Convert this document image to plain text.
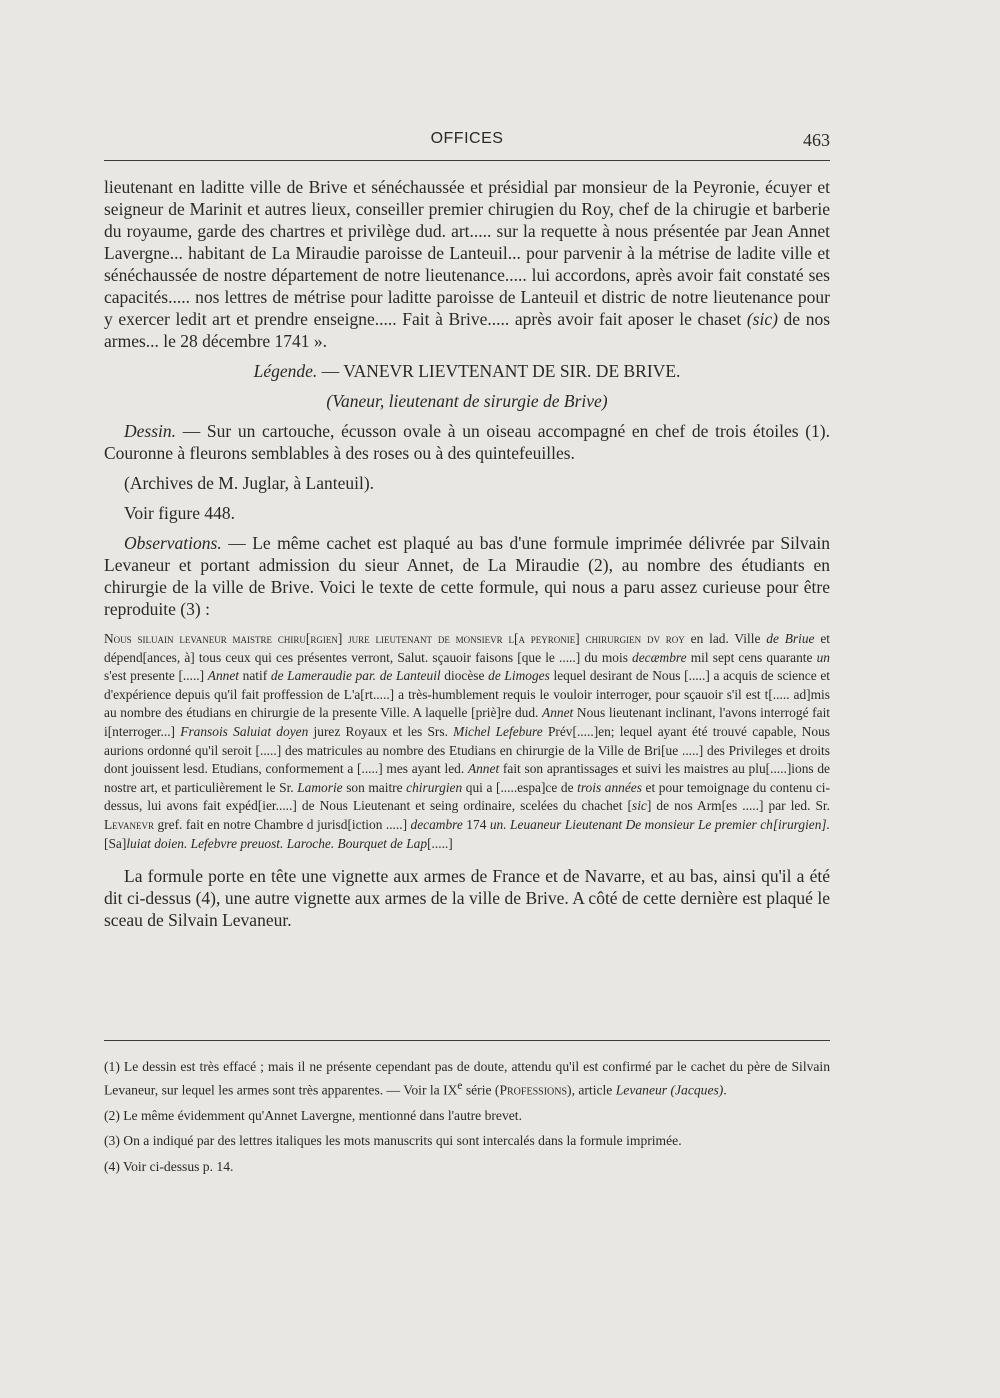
OFFICES	463

lieutenant en laditte ville de Brive et sénéchaussée et présidial par monsieur de la Peyronie, écuyer et seigneur de Marinit et autres lieux, conseiller premier chirugien du Roy, chef de la chirugie et barberie du royaume, garde des chartres et privilège dud. art..... sur la requette à nous présentée par Jean Annet Lavergne... habitant de La Miraudie paroisse de Lanteuil... pour parvenir à la métrise de ladite ville et sénéchaussée de nostre département de notre lieutenance..... lui accordons, après avoir fait constaté ses capacités..... nos lettres de métrise pour laditte paroisse de Lanteuil et distric de notre lieutenance pour y exercer ledit art et prendre enseigne..... Fait à Brive..... après avoir fait aposer le chaset (sic) de nos armes... le 28 décembre 1741 ».

Légende. — VANEVR LIEVTENANT DE SIR. DE BRIVE.

(Vaneur, lieutenant de sirurgie de Brive)

Dessin. — Sur un cartouche, écusson ovale à un oiseau accompagné en chef de trois étoiles (1). Couronne à fleurons semblables à des roses ou à des quintefeuilles.

(Archives de M. Juglar, à Lanteuil).

Voir figure 448.

Observations. — Le même cachet est plaqué au bas d'une formule imprimée délivrée par Silvain Levaneur et portant admission du sieur Annet, de La Miraudie (2), au nombre des étudiants en chirurgie de la ville de Brive. Voici le texte de cette formule, qui nous a paru assez curieuse pour être reproduite (3) :

Nous siluain levaneur maistre chiru[rgien] jure lieutenant de monsievr l[a peyronie] chirurgien dv roy en lad. Ville de Briue et dépend[ances, à] tous ceux qui ces présentes verront, Salut. sçauoir faisons [que le .....] du mois decæmbre mil sept cens quarante un s'est presente [.....] Annet natif de Lameraudie par. de Lanteuil diocèse de Limoges lequel desirant de Nous [.....] a acquis de science et d'expérience depuis qu'il fait proffession de L'a[rt.....] a très-humblement requis le vouloir interroger, pour sçauoir s'il est t[..... ad]mis au nombre des étudians en chirurgie de la presente Ville. A laquelle [priè]re dud. Annet Nous lieutenant inclinant, l'avons interrogé fait i[nterroger...] Fransois Saluiat doyen jurez Royaux et les Srs. Michel Lefebure Prév[.....]en; lequel ayant été trouvé capable, Nous aurions ordonné qu'il seroit [.....] des matricules au nombre des Etudians en chirurgie de la Ville de Bri[ue .....] des Privileges et droits dont jouissent lesd. Etudians, conformement a [.....] mes ayant led. Annet fait son aprantissages et suivi les maistres au plu[.....]ions de nostre art, et particulièrement le Sr. Lamorie son maitre chirurgien qui a [.....espa]ce de trois années et pour temoignage du contenu ci-dessus, lui avons fait expéd[ier.....] de Nous Lieutenant et seing ordinaire, scelées du chachet [sic] de nos Arm[es .....] par led. Sr. Levanevr gref. fait en notre Chambre d jurisd[iction .....] decambre 174 un. Leuaneur Lieutenant De monsieur Le premier ch[irurgien]. [Sa]luiat doien. Lefebvre preuost. Laroche. Bourquet de Lap[.....]

La formule porte en tête une vignette aux armes de France et de Navarre, et au bas, ainsi qu'il a été dit ci-dessus (4), une autre vignette aux armes de la ville de Brive. A côté de cette dernière est plaqué le sceau de Silvain Levaneur.

(1) Le dessin est très effacé ; mais il ne présente cependant pas de doute, attendu qu'il est confirmé par le cachet du père de Silvain Levaneur, sur lequel les armes sont très apparentes. — Voir la IXe série (Professions), article Levaneur (Jacques).

(2) Le même évidemment qu'Annet Lavergne, mentionné dans l'autre brevet.

(3) On a indiqué par des lettres italiques les mots manuscrits qui sont intercalés dans la formule imprimée.

(4) Voir ci-dessus p. 14.
